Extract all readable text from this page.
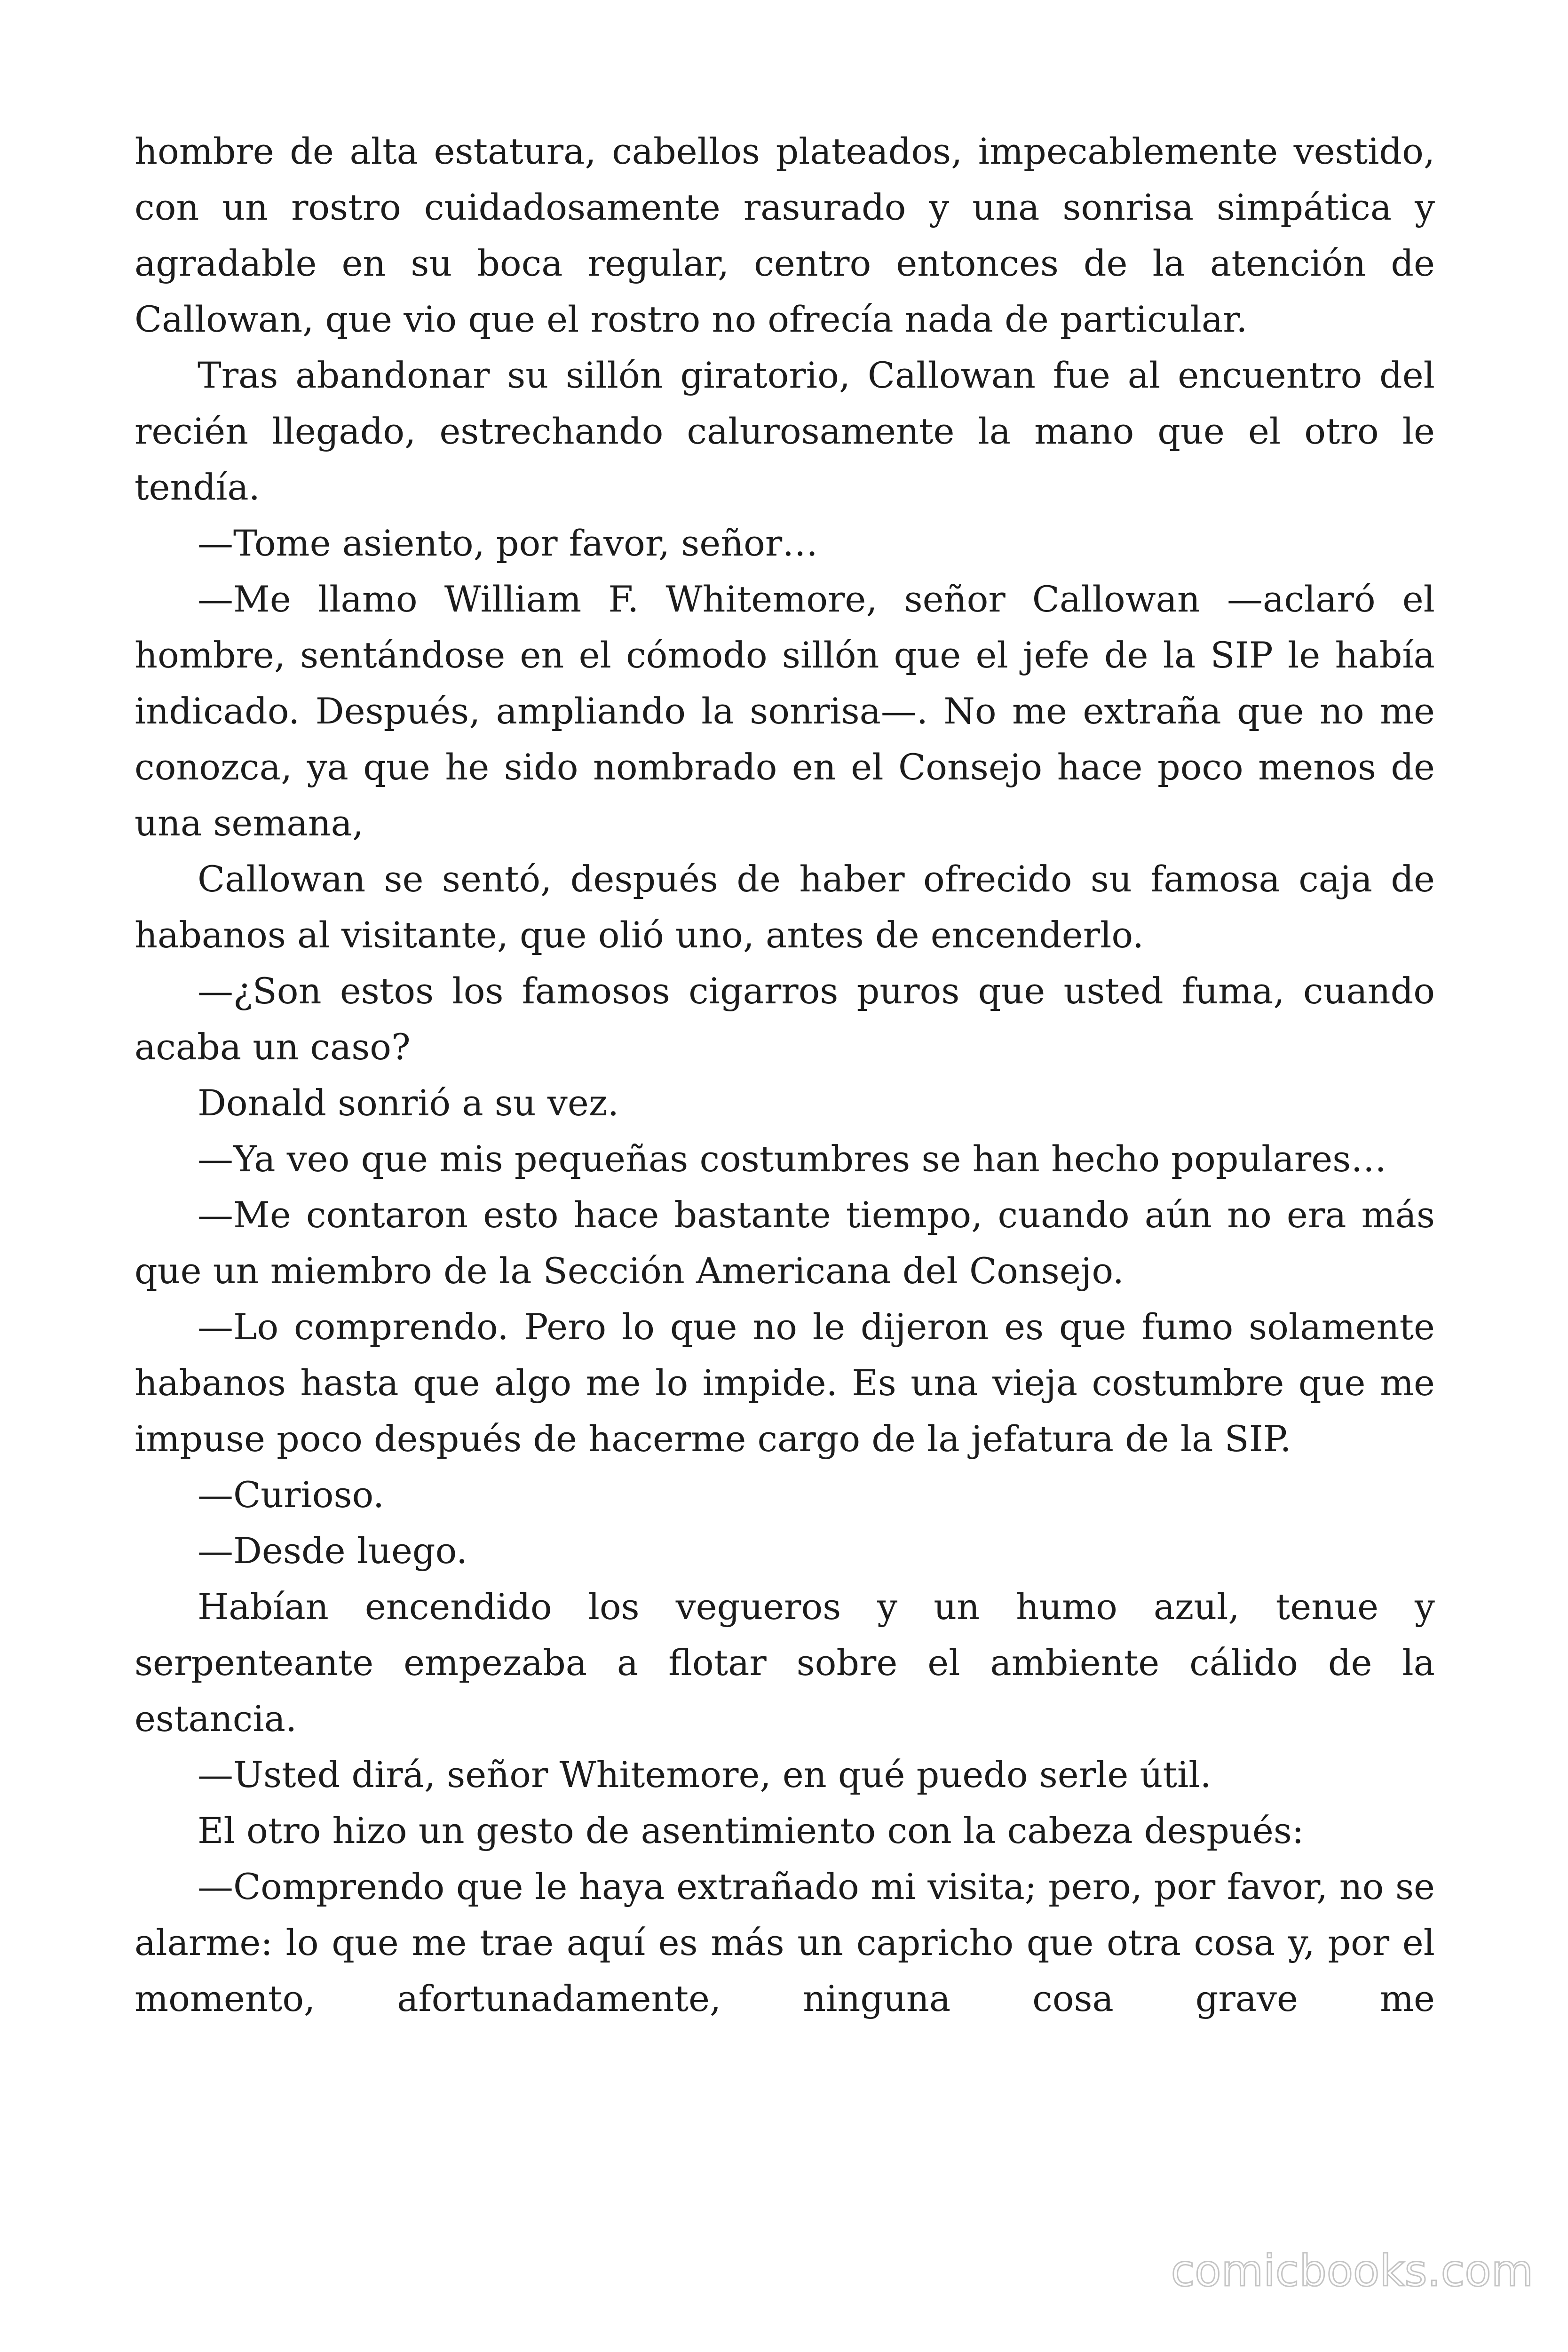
hombre de alta estatura, cabellos plateados, impecablemente vestido, con un rostro cuidadosamente rasurado y una sonrisa simpática y agradable en su boca regular, centro entonces de la atención de Callowan, que vio que el rostro no ofrecía nada de particular.

Tras abandonar su sillón giratorio, Callowan fue al encuentro del recién llegado, estrechando calurosamente la mano que el otro le tendía.

—Tome asiento, por favor, señor…

—Me llamo William F. Whitemore, señor Callowan —aclaró el hombre, sentándose en el cómodo sillón que el jefe de la SIP le había indicado. Después, ampliando la sonrisa—. No me extraña que no me conozca, ya que he sido nombrado en el Consejo hace poco menos de una semana,

Callowan se sentó, después de haber ofrecido su famosa caja de habanos al visitante, que olió uno, antes de encenderlo.

—¿Son estos los famosos cigarros puros que usted fuma, cuando acaba un caso?

Donald sonrió a su vez.

—Ya veo que mis pequeñas costumbres se han hecho populares…

—Me contaron esto hace bastante tiempo, cuando aún no era más que un miembro de la Sección Americana del Consejo.

—Lo comprendo. Pero lo que no le dijeron es que fumo solamente habanos hasta que algo me lo impide. Es una vieja costumbre que me impuse poco después de hacerme cargo de la jefatura de la SIP.

—Curioso.

—Desde luego.

Habían encendido los vegueros y un humo azul, tenue y serpenteante empezaba a flotar sobre el ambiente cálido de la estancia.

—Usted dirá, señor Whitemore, en qué puedo serle útil.

El otro hizo un gesto de asentimiento con la cabeza después:

—Comprendo que le haya extrañado mi visita; pero, por favor, no se alarme: lo que me trae aquí es más un capricho que otra cosa y, por el momento, afortunadamente, ninguna cosa grave me

comicbooks.com
